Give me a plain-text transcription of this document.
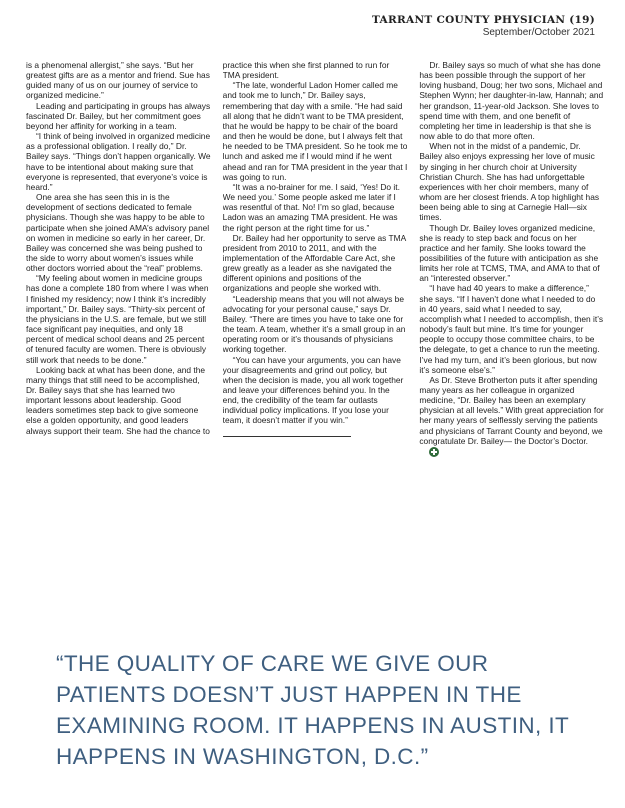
TARRANT COUNTY PHYSICIAN (19)
September/October 2021

is a phenomenal allergist,” she says. “But her greatest gifts are as a mentor and friend. Sue has guided many of us on our journey of service to organized medicine.”

Leading and participating in groups has always fascinated Dr. Bailey, but her commitment goes beyond her affinity for working in a team.

“I think of being involved in organized medicine as a professional obligation. I really do,” Dr. Bailey says. “Things don’t happen organically. We have to be intentional about making sure that everyone is represented, that everyone’s voice is heard.”

One area she has seen this in is the development of sections dedicated to female physicians. Though she was happy to be able to participate when she joined AMA’s advisory panel on women in medicine so early in her career, Dr. Bailey was concerned she was being pushed to the side to worry about women’s issues while other doctors worried about the “real” problems.

“My feeling about women in medicine groups has done a complete 180 from where I was when I finished my residency; now I think it’s incredibly important,” Dr. Bailey says. “Thirty-six percent of the physicians in the U.S. are female, but we still face significant pay inequities, and only 18 percent of medical school deans and 25 percent of tenured faculty are women. There is obviously still work that needs to be done.”

Looking back at what has been done, and the many things that still need to be accomplished, Dr. Bailey says that she has learned two important lessons about leadership. Good leaders sometimes step back to give someone else a golden opportunity, and good leaders always support their team. She had the chance to

practice this when she first planned to run for TMA president.

“The late, wonderful Ladon Homer called me and took me to lunch,” Dr. Bailey says, remembering that day with a smile. “He had said all along that he didn’t want to be TMA president, that he would be happy to be chair of the board and then he would be done, but I always felt that he needed to be TMA president. So he took me to lunch and asked me if I would mind if he went ahead and ran for TMA president in the year that I was going to run.

“It was a no-brainer for me. I said, ‘Yes! Do it. We need you.’ Some people asked me later if I was resentful of that. No! I’m so glad, because Ladon was an amazing TMA president. He was the right person at the right time for us.”

Dr. Bailey had her opportunity to serve as TMA president from 2010 to 2011, and with the implementation of the Affordable Care Act, she grew greatly as a leader as she navigated the different opinions and positions of the organizations and people she worked with.

“Leadership means that you will not always be advocating for your personal cause,” says Dr. Bailey. “There are times you have to take one for the team. A team, whether it’s a small group in an operating room or it’s thousands of physicians working together.

“You can have your arguments, you can have your disagreements and grind out policy, but when the decision is made, you all work together and leave your differences behind you. In the end, the credibility of the team far outlasts individual policy implications. If you lose your team, it doesn’t matter if you win.”

Dr. Bailey says so much of what she has done has been possible through the support of her loving husband, Doug; her two sons, Michael and Stephen Wynn; her daughter-in-law, Hannah; and her grandson, 11-year-old Jackson. She loves to spend time with them, and one benefit of completing her time in leadership is that she is now able to do that more often.

When not in the midst of a pandemic, Dr. Bailey also enjoys expressing her love of music by singing in her church choir at University Christian Church. She has had unforgettable experiences with her choir members, many of whom are her closest friends. A top highlight has been being able to sing at Carnegie Hall—six times.

Though Dr. Bailey loves organized medicine, she is ready to step back and focus on her practice and her family. She looks toward the possibilities of the future with anticipation as she limits her role at TCMS, TMA, and AMA to that of an “interested observer.”

“I have had 40 years to make a difference,” she says. “If I haven’t done what I needed to do in 40 years, said what I needed to say, accomplish what I needed to accomplish, then it’s nobody’s fault but mine. It’s time for younger people to occupy those committee chairs, to be the delegate, to get a chance to run the meeting. I’ve had my turn, and it’s been glorious, but now it’s someone else’s.”

As Dr. Steve Brotherton puts it after spending many years as her colleague in organized medicine, “Dr. Bailey has been an exemplary physician at all levels.” With great appreciation for her many years of selflessly serving the patients and physicians of Tarrant County and beyond, we congratulate Dr. Bailey— the Doctor’s Doctor.

“THE QUALITY OF CARE WE GIVE OUR PATIENTS DOESN’T JUST HAPPEN IN THE EXAMINING ROOM. IT HAPPENS IN AUSTIN, IT HAPPENS IN WASHINGTON, D.C.”
